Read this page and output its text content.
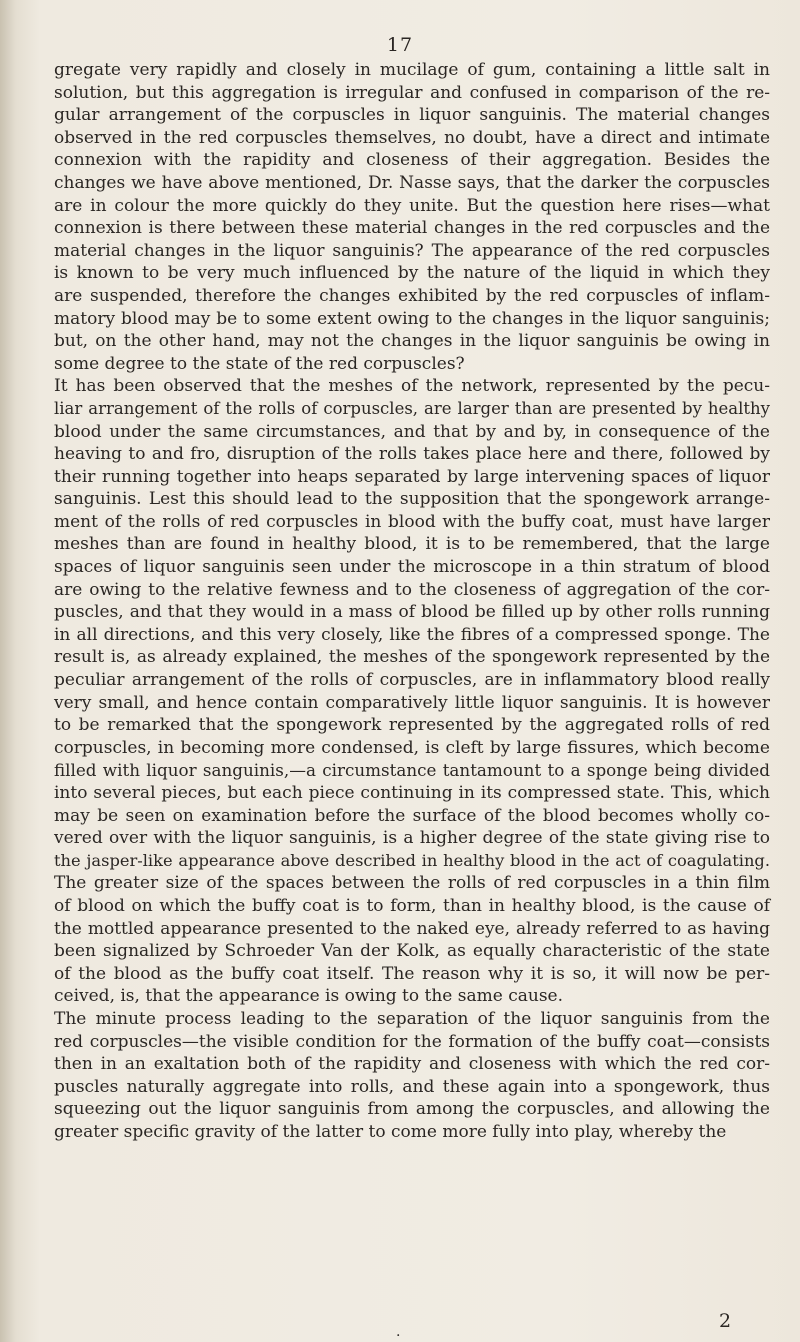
17
gregate very rapidly and closely in mucilage of gum, containing a little salt in
solution, but this aggregation is irregular and confused in comparison of the re-
gular arrangement of the corpuscles in liquor sanguinis. The material changes
observed in the red corpuscles themselves, no doubt, have a direct and intimate
connexion with the rapidity and closeness of their aggregation. Besides the
changes we have above mentioned, Dr. Nasse says, that the darker the corpuscles
are in colour the more quickly do they unite. But the question here rises—what
connexion is there between these material changes in the red corpuscles and the
material changes in the liquor sanguinis? The appearance of the red corpuscles
is known to be very much influenced by the nature of the liquid in which they
are suspended, therefore the changes exhibited by the red corpuscles of inflam-
matory blood may be to some extent owing to the changes in the liquor sanguinis;
but, on the other hand, may not the changes in the liquor sanguinis be owing in
some degree to the state of the red corpuscles?
It has been observed that the meshes of the network, represented by the pecu-
liar arrangement of the rolls of corpuscles, are larger than are presented by healthy
blood under the same circumstances, and that by and by, in consequence of the
heaving to and fro, disruption of the rolls takes place here and there, followed by
their running together into heaps separated by large intervening spaces of liquor
sanguinis. Lest this should lead to the supposition that the spongework arrange-
ment of the rolls of red corpuscles in blood with the buffy coat, must have larger
meshes than are found in healthy blood, it is to be remembered, that the large
spaces of liquor sanguinis seen under the microscope in a thin stratum of blood
are owing to the relative fewness and to the closeness of aggregation of the cor-
puscles, and that they would in a mass of blood be filled up by other rolls running
in all directions, and this very closely, like the fibres of a compressed sponge. The
result is, as already explained, the meshes of the spongework represented by the
peculiar arrangement of the rolls of corpuscles, are in inflammatory blood really
very small, and hence contain comparatively little liquor sanguinis. It is however
to be remarked that the spongework represented by the aggregated rolls of red
corpuscles, in becoming more condensed, is cleft by large fissures, which become
filled with liquor sanguinis,—a circumstance tantamount to a sponge being divided
into several pieces, but each piece continuing in its compressed state. This, which
may be seen on examination before the surface of the blood becomes wholly co-
vered over with the liquor sanguinis, is a higher degree of the state giving rise to
the jasper-like appearance above described in healthy blood in the act of coagulating.
The greater size of the spaces between the rolls of red corpuscles in a thin film
of blood on which the buffy coat is to form, than in healthy blood, is the cause of
the mottled appearance presented to the naked eye, already referred to as having
been signalized by Schroeder Van der Kolk, as equally characteristic of the state
of the blood as the buffy coat itself. The reason why it is so, it will now be per-
ceived, is, that the appearance is owing to the same cause.
The minute process leading to the separation of the liquor sanguinis from the
red corpuscles—the visible condition for the formation of the buffy coat—consists
then in an exaltation both of the rapidity and closeness with which the red cor-
puscles naturally aggregate into rolls, and these again into a spongework, thus
squeezing out the liquor sanguinis from among the corpuscles, and allowing the
greater specific gravity of the latter to come more fully into play, whereby the
.	2
